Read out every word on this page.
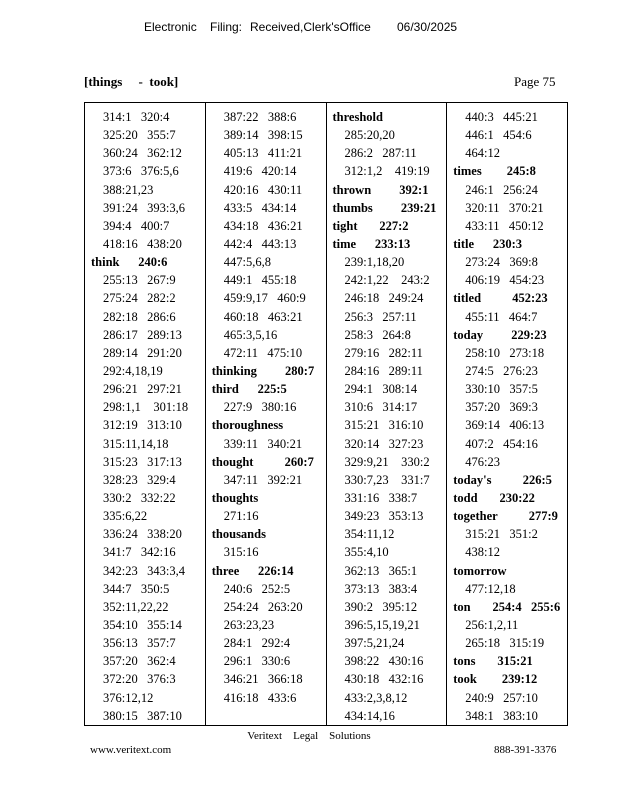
Electronic Filing: Received,Clerk'sOffice 06/30/2025
[things     -  took]	Page 75
314:1   320:4
325:20   355:7
360:24   362:12
373:6   376:5,6
388:21,23
391:24   393:3,6
394:4   400:7
418:16   438:20
think      240:6
255:13   267:9
275:24   282:2
282:18   286:6
286:17   289:13
289:14   291:20
292:4,18,19
296:21   297:21
298:1,1    301:18
312:19   313:10
315:11,14,18
315:23   317:13
328:23   329:4
330:2   332:22
335:6,22
336:24   338:20
341:7   342:16
342:23   343:3,4
344:7   350:5
352:11,22,22
354:10   355:14
356:13   357:7
357:20   362:4
372:20   376:3
376:12,12
380:15   387:10
387:22   388:6
389:14   398:15
405:13   411:21
419:6   420:14
420:16   430:11
433:5   434:14
434:18   436:21
442:4   443:13
447:5,6,8
449:1   455:18
459:9,17   460:9
460:18   463:21
465:3,5,16
472:11   475:10
thinking         280:7
third      225:5
227:9   380:16
thoroughness
339:11   340:21
thought          260:7
347:11   392:21
thoughts
271:16
thousands
315:16
three      226:14
240:6   252:5
254:24   263:20
263:23,23
284:1   292:4
296:1   330:6
346:21   366:18
416:18   433:6
threshold
285:20,20
286:2   287:11
312:1,2    419:19
thrown         392:1
thumbs         239:21
tight       227:2
time      233:13
239:1,18,20
242:1,22    243:2
246:18   249:24
256:3   257:11
258:3   264:8
279:16   282:11
284:16   289:11
294:1   308:14
310:6   314:17
315:21   316:10
320:14   327:23
329:9,21    330:2
330:7,23    331:7
331:16   338:7
349:23   353:13
354:11,12
355:4,10
362:13   365:1
373:13   383:4
390:2   395:12
396:5,15,19,21
397:5,21,24
398:22   430:16
430:18   432:16
433:2,3,8,12
434:14,16
440:3   445:21
446:1   454:6
464:12
times        245:8
246:1   256:24
320:11   370:21
433:11   450:12
title      230:3
273:24   369:8
406:19   454:23
titled          452:23
455:11   464:7
today         229:23
258:10   273:18
274:5   276:23
330:10   357:5
357:20   369:3
369:14   406:13
407:2   454:16
476:23
today's          226:5
todd       230:22
together          277:9
315:21   351:2
438:12
tomorrow
477:12,18
ton       254:4   255:6
256:1,2,11
265:18   315:19
tons       315:21
took        239:12
240:9   257:10
348:1   383:10
Veritext    Legal    Solutions
www.veritext.com	888-391-3376
